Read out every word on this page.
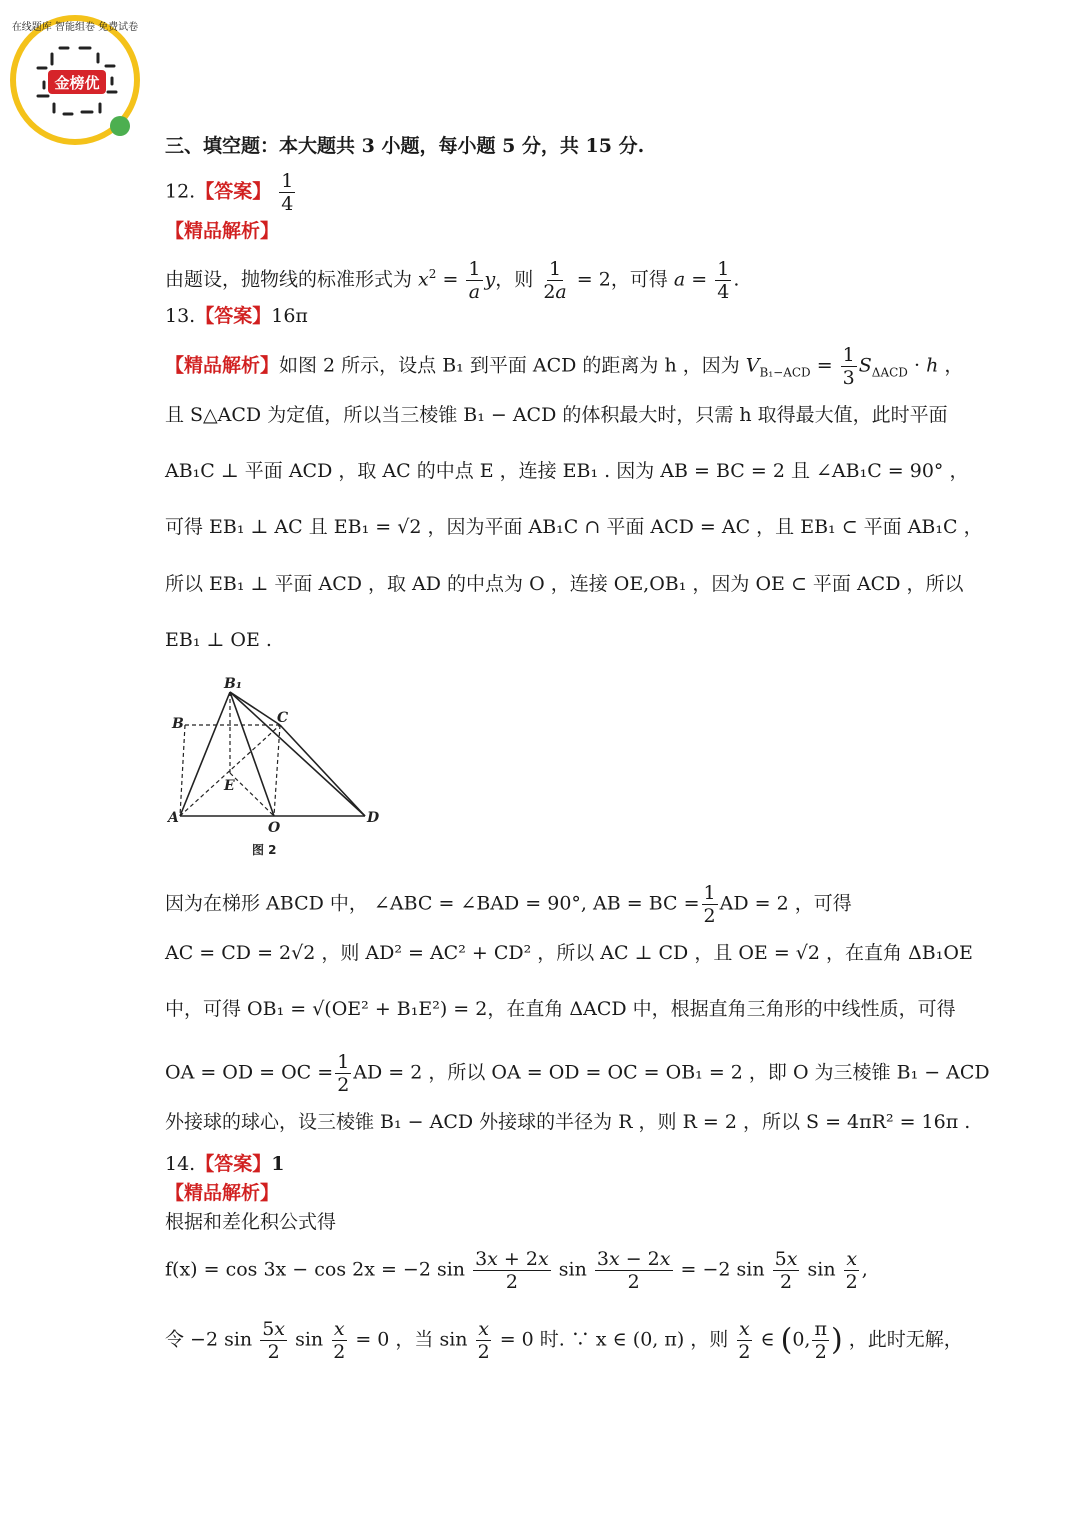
金榜优
在线题库 智能组卷 免费试卷
三、填空题：本大题共 3 小题，每小题 5 分，共 15 分.
12.【答案】 $\frac{1}{4}$
【精品解析】
由题设，抛物线的标准形式为 $x^2 = \frac{1}{a}$ y，则 $\frac{1}{2a} = 2$，可得 $a = \frac{1}{4}$ .
13.【答案】16π
【精品解析】如图 2 所示，设点 B₁ 到平面 ACD 的距离为 h ，因为 $V_{B_1-ACD} = \frac{1}{3} S_{\Delta ACD} \cdot h$ ，
且 S△ACD 为定值，所以当三棱锥 B₁ − ACD 的体积最大时，只需 h 取得最大值，此时平面
AB₁C ⊥ 平面 ACD ，取 AC 的中点 E ，连接 EB₁ . 因为 AB = BC = 2 且 ∠AB₁C = 90° ，
可得 EB₁ ⊥ AC 且 EB₁ = √2 ，因为平面 AB₁C ∩ 平面 ACD = AC ，且 EB₁ ⊂ 平面 AB₁C ，
所以 EB₁ ⊥ 平面 ACD ，取 AD 的中点为 O ，连接 OE,OB₁ ，因为 OE ⊂ 平面 ACD ，所以
EB₁ ⊥ OE .
B₁
B	C
A
E
O
D
图 2
因为在梯形 ABCD 中， ∠ABC = ∠BAD = 90°, AB = BC = $\frac{1}{2}$ AD = 2 ，可得
AC = CD = 2√2 ，则 AD² = AC² + CD² ，所以 AC ⊥ CD ，且 OE = √2 ，在直角 ΔB₁OE
中，可得 OB₁ = √(OE² + B₁E²) = 2，在直角 ΔACD 中，根据直角三角形的中线性质，可得
OA = OD = OC = $\frac{1}{2}$ AD = 2 ，所以 OA = OD = OC = OB₁ = 2 ，即 O 为三棱锥 B₁ − ACD
外接球的球心，设三棱锥 B₁ − ACD 外接球的半径为 R ，则 R = 2 ，所以 S = 4πR² = 16π .
14.【答案】1
【精品解析】
根据和差化积公式得
f(x) = cos 3x − cos 2x = −2 $\sin \frac{3x + 2x}{2}$ $\sin \frac{3x - 2x}{2} = -2$ $\sin \frac{5x}{2}$ $\sin \frac{x}{2}$ ,
令 −2 $\sin \frac{5x}{2}$ $\sin \frac{x}{2} = 0$ ，当 $\sin \frac{x}{2} = 0$ 时. ∵ x ∈ (0, π) ，则 $\frac{x}{2}$ ∈ (0, $\frac{\pi}{2}$ ) ，此时无解，
